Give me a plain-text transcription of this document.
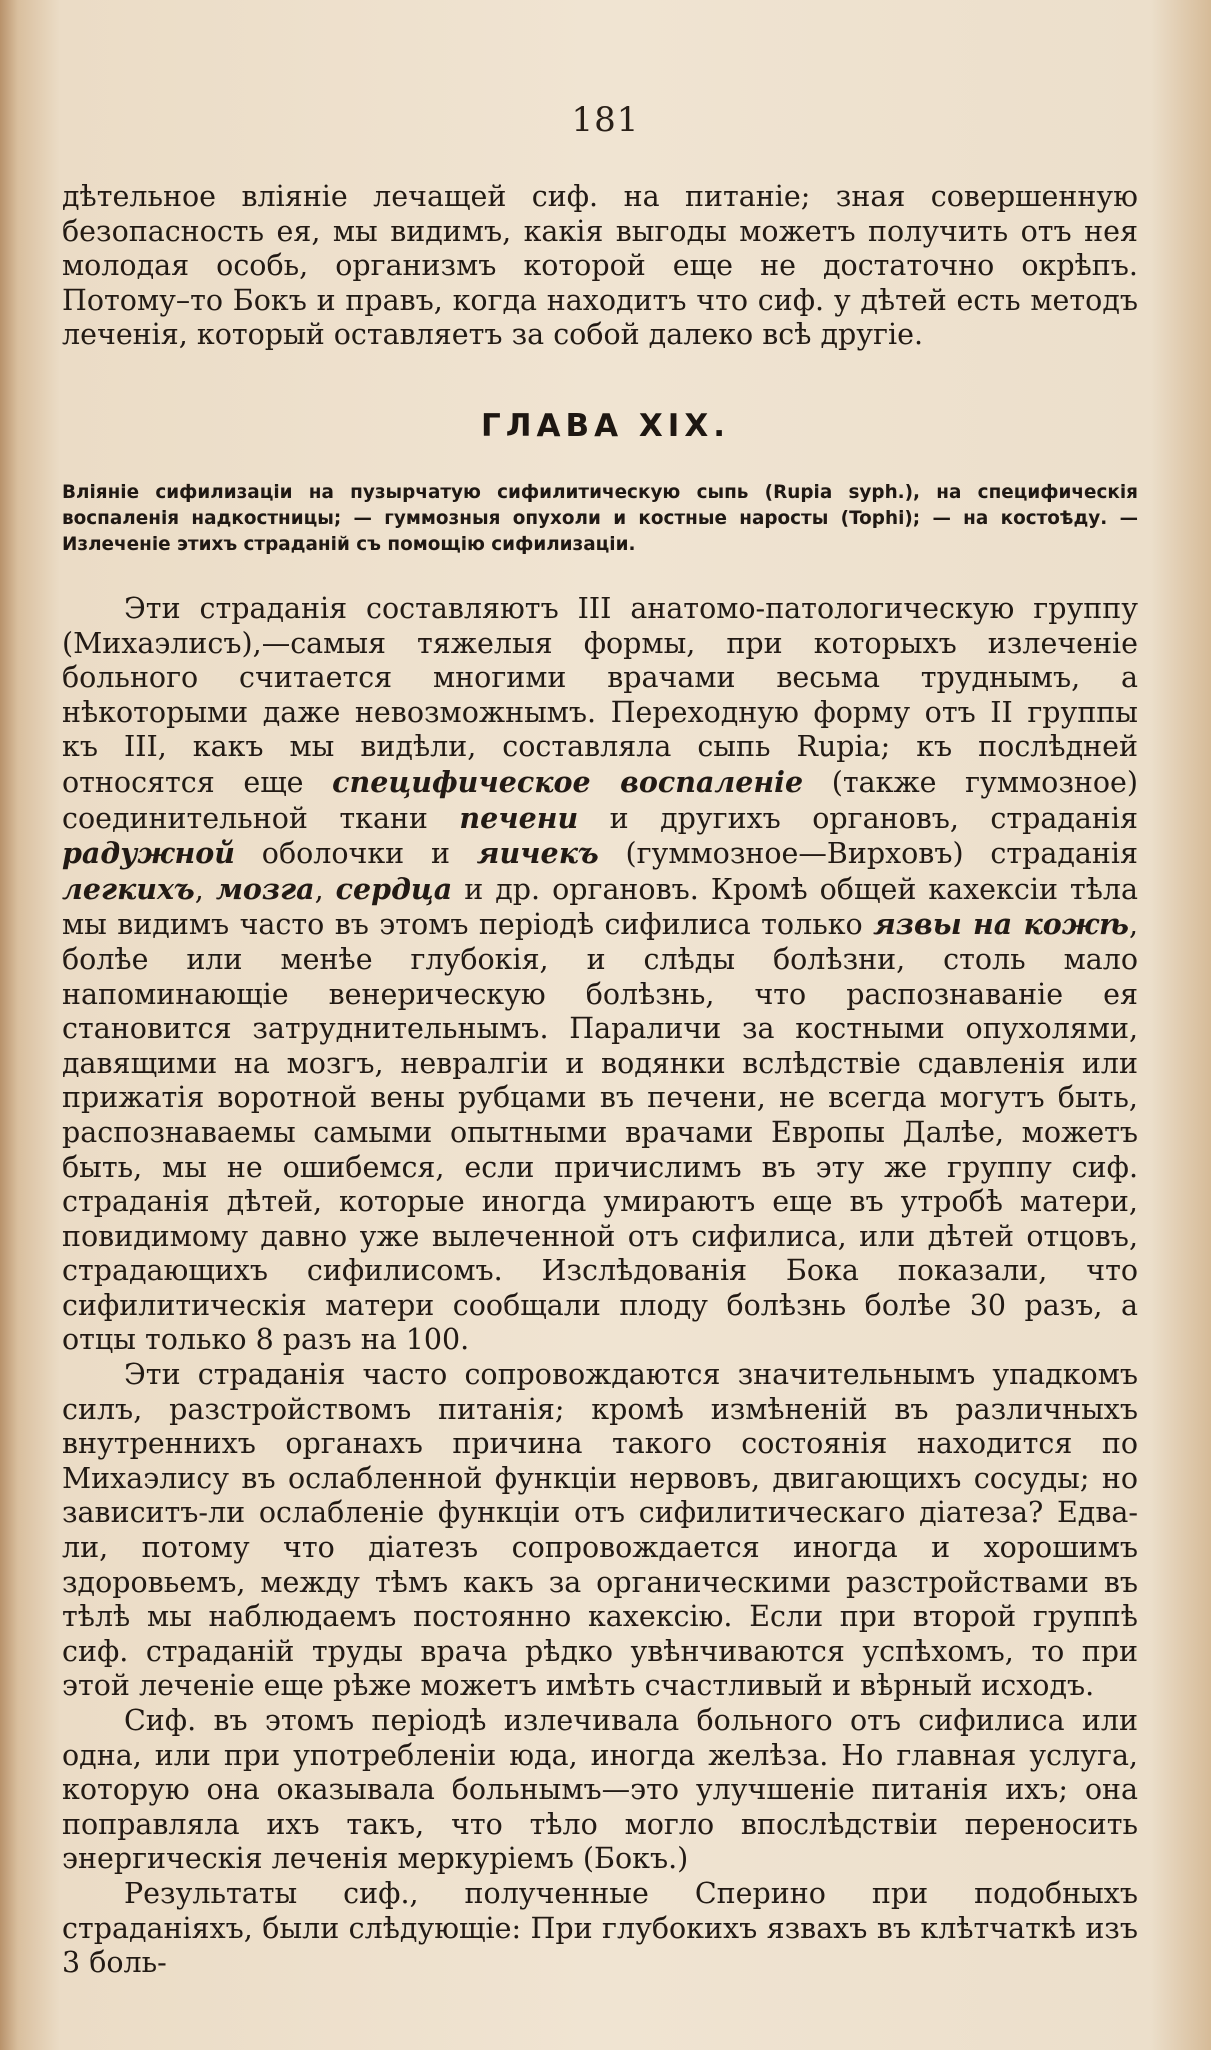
181

дѣтельное влiянiе лечащей сиф. на питанiе; зная совершенную безопасность ея, мы видимъ, какiя выгоды можетъ получить отъ нея молодая особь, организмъ которой еще не достаточно окрѣпъ. Потому–то Бокъ и правъ, когда находитъ что сиф. у дѣтей есть методъ леченiя, который оставляетъ за собой далеко всѣ другiе.

ГЛАВА XIX.
Влiянiе сифилизацiи на пузырчатую сифилитическую сыпь (Rupia syph.), на специфическiя воспаленiя надкостницы; — гуммозныя опухоли и костные наросты (Tophi); — на костоѣду. — Излеченiе этихъ страданiй съ помощiю сифилизацiи.

Эти страданiя составляютъ III анатомо-патологическую группу (Михаэлисъ),—самыя тяжелыя формы, при которыхъ излеченiе больного считается многими врачами весьма труднымъ, а нѣкоторыми даже невозможнымъ. Переходную форму отъ II группы къ III, какъ мы видѣли, составляла сыпь Rupia; къ послѣдней относятся еще специфическое воспаленiе (также гуммозное) соединительной ткани печени и другихъ органовъ, страданiя радужной оболочки и яичекъ (гуммозное—Вирховъ) страданiя легкихъ, мозга, сердца и др. органовъ. Кромѣ общей кахексiи тѣла мы видимъ часто въ этомъ перiодѣ сифилиса только язвы на кожѣ, болѣе или менѣе глубокiя, и слѣды болѣзни, столь мало напоминающiе венерическую болѣзнь, что распознаванiе ея становится затруднительнымъ. Параличи за костными опухолями, давящими на мозгъ, невралгiи и водянки вслѣдствiе сдавленiя или прижатiя воротной вены рубцами въ печени, не всегда могутъ быть, распознаваемы самыми опытными врачами Европы Далѣе, можетъ быть, мы не ошибемся, если причислимъ въ эту же группу сиф. страданiя дѣтей, которые иногда умираютъ еще въ утробѣ матери, повидимому давно уже вылеченной отъ сифилиса, или дѣтей отцовъ, страдающихъ сифилисомъ. Изслѣдованiя Бока показали, что сифилитическiя матери сообщали плоду болѣзнь болѣе 30 разъ, а отцы только 8 разъ на 100.

Эти страданiя часто сопровождаются значительнымъ упадкомъ силъ, разстройствомъ питанiя; кромѣ измѣненiй въ различныхъ внутреннихъ органахъ причина такого состоянiя находится по Михаэлису въ ослабленной функцiи нервовъ, двигающихъ сосуды; но зависитъ-ли ослабленiе функцiи отъ сифилитическаго дiатеза? Едва-ли, потому что дiатезъ сопровождается иногда и хорошимъ здоровьемъ, между тѣмъ какъ за органическими разстройствами въ тѣлѣ мы наблюдаемъ постоянно кахексiю. Если при второй группѣ сиф. страданiй труды врача рѣдко увѣнчиваются успѣхомъ, то при этой леченiе еще рѣже можетъ имѣть счастливый и вѣрный исходъ.

Сиф. въ этомъ перiодѣ излечивала больного отъ сифилиса или одна, или при употребленiи юда, иногда желѣза. Но главная услуга, которую она оказывала больнымъ—это улучшенiе питанiя ихъ; она поправляла ихъ такъ, что тѣло могло впослѣдствiи переносить энергическiя леченiя меркурiемъ (Бокъ.)

Результаты сиф., полученные Сперино при подобныхъ страданiяхъ, были слѣдующiе: При глубокихъ язвахъ въ клѣтчаткѣ изъ 3 боль-
